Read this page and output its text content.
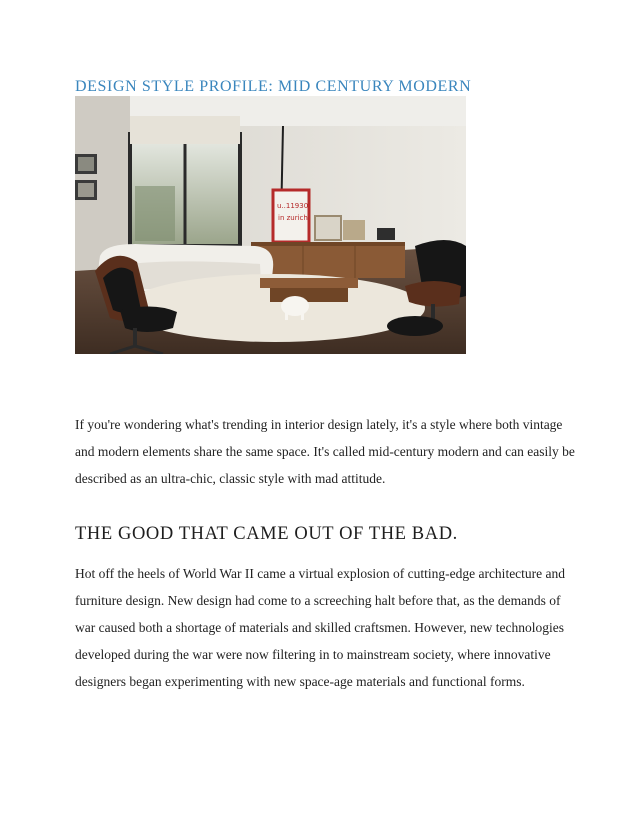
DESIGN STYLE PROFILE: MID CENTURY MODERN
u..11930
in zurich

If you're wondering what's trending in interior design lately, it's a style where both vintage and modern elements share the same space. It's called mid-century modern and can easily be described as an ultra-chic, classic style with mad attitude.

THE GOOD THAT CAME OUT OF THE BAD.

Hot off the heels of World War II came a virtual explosion of cutting-edge architecture and furniture design. New design had come to a screeching halt before that, as the demands of war caused both a shortage of materials and skilled craftsmen. However, new technologies developed during the war were now filtering in to mainstream society, where innovative designers began experimenting with new space-age materials and functional forms.
